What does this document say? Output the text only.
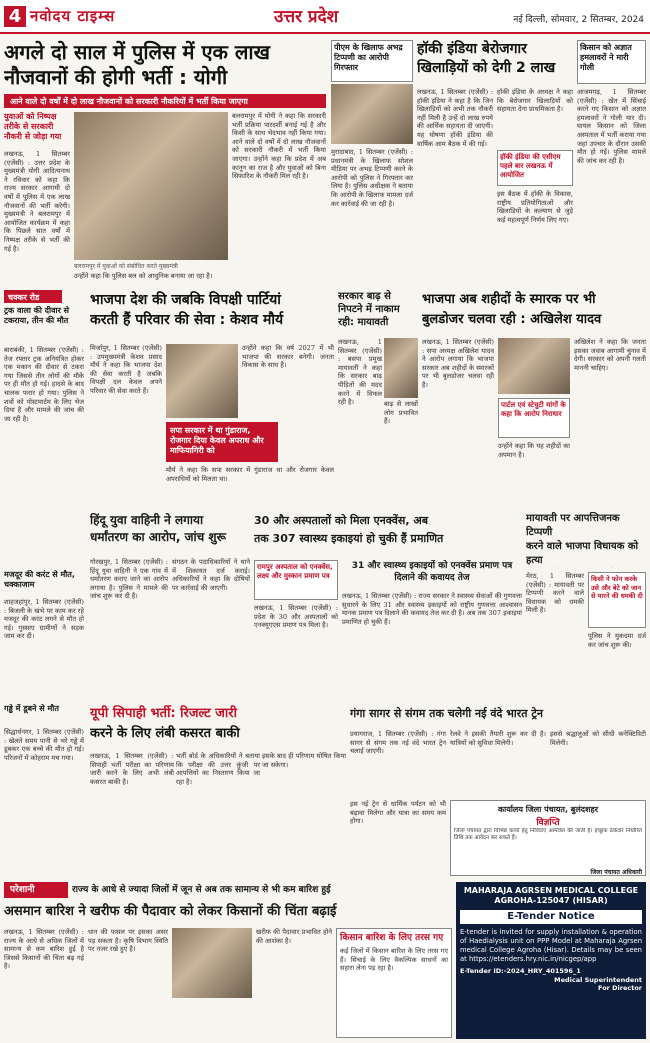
4 नवोदय टाइम्स	उत्तर प्रदेश	नई दिल्ली, सोमवार, 2 सितम्बर, 2024
अगले दो साल में पुलिस में एक लाख
नौजवानों की होगी भर्ती : योगी
आने वाले दो वर्षों में दो लाख नौजवानों को सरकारी नौकरियों में भर्ती किया जाएगा
युवाओं को निष्पक्ष तरीके से सरकारी नौकरी से जोड़ा गया
लखनऊ, 1 सितम्बर (एजेंसी) : उत्तर प्रदेश के मुख्यमंत्री योगी आदित्यनाथ ने रविवार को कहा कि राज्य सरकार आगामी दो वर्षों में पुलिस में एक लाख नौजवानों की भर्ती करेगी। मुख्यमंत्री ने बलरामपुर में आयोजित कार्यक्रम में कहा कि पिछले सात वर्षों में निष्पक्ष तरीके से भर्ती की गई है।
बलरामपुर में युवाओं को संबोधित करते मुख्यमंत्री
बलरामपुर में योगी ने कहा कि सरकारी भर्ती प्रक्रिया पारदर्शी बनाई गई है और किसी के साथ भेदभाव नहीं किया गया। आने वाले दो वर्षों में दो लाख नौजवानों को सरकारी नौकरी में भर्ती किया जाएगा। उन्होंने कहा कि प्रदेश में अब कानून का राज है और युवाओं को बिना सिफारिश के नौकरी मिल रही है।
उन्होंने कहा कि पुलिस बल को आधुनिक बनाया जा रहा है।
पीएम के खिलाफ अभद्र टिप्पणी का आरोपी गिरफ्तार
मुरादाबाद, 1 सितम्बर (एजेंसी) : प्रधानमंत्री के खिलाफ सोशल मीडिया पर अभद्र टिप्पणी करने के आरोपी को पुलिस ने गिरफ्तार कर लिया है। पुलिस अधीक्षक ने बताया कि आरोपी के खिलाफ मामला दर्ज कर कार्रवाई की जा रही है।
हॉकी इंडिया बेरोजगार
खिलाड़ियों को देगी 2 लाख
लखनऊ, 1 सितम्बर (एजेंसी) : हॉकी इंडिया ने कहा है कि जिन खिलाड़ियों को अभी तक नौकरी नहीं मिली है उन्हें दो लाख रुपये की आर्थिक सहायता दी जाएगी। यह घोषणा हॉकी इंडिया की वार्षिक आम बैठक में की गई।
हॉकी इंडिया की एसीएम पहले बार लखनऊ में आयोजित
हॉकी इंडिया के अध्यक्ष ने कहा कि बेरोजगार खिलाड़ियों को सहायता देना प्राथमिकता है।
इस बैठक में हॉकी के विकास, राष्ट्रीय प्रतियोगिताओं और खिलाड़ियों के कल्याण से जुड़े कई महत्वपूर्ण निर्णय लिए गए।
किसान को अज्ञात हमलावरों ने मारी गोली
आजमगढ़, 1 सितम्बर (एजेंसी) : खेत में सिंचाई करने गए किसान को अज्ञात हमलावरों ने गोली मार दी। घायल किसान को जिला अस्पताल में भर्ती कराया गया जहां उपचार के दौरान उसकी मौत हो गई। पुलिस मामले की जांच कर रही है।
चक्कर रोड
ट्रक वाला की दीवार से टकराया, तीन की मौत
बाराबंकी, 1 सितम्बर (एजेंसी) : तेज रफ्तार ट्रक अनियंत्रित होकर एक मकान की दीवार से टकरा गया जिससे तीन लोगों की मौके पर ही मौत हो गई। हादसे के बाद चालक फरार हो गया। पुलिस ने शवों को पोस्टमार्टम के लिए भेज दिया है और मामले की जांच की जा रही है।
भाजपा देश की जबकि विपक्षी पार्टियां
करती हैं परिवार की सेवा : केशव मौर्य
मिर्जापुर, 1 सितम्बर (एजेंसी) : उपमुख्यमंत्री केशव प्रसाद मौर्य ने कहा कि भाजपा देश की सेवा करती है जबकि विपक्षी दल केवल अपने परिवार की सेवा करते हैं।
सपा सरकार में था गुंडाराज, रोजगार दिया केवल अपराध और माफियागिरी को
उन्होंने कहा कि वर्ष 2027 में भी भाजपा की सरकार बनेगी। जनता विकास के साथ है।
मौर्य ने कहा कि सपा सरकार में गुंडाराज था और रोजगार केवल अपराधियों को मिलता था।
सरकार बाढ़ से निपटने में नाकाम रही: मायावती
लखनऊ, 1 सितम्बर (एजेंसी) : बसपा प्रमुख मायावती ने कहा कि सरकार बाढ़ पीड़ितों की मदद करने में विफल रही है।	बाढ़ से लाखों लोग प्रभावित हैं।
भाजपा अब शहीदों के स्मारक पर भी
बुलडोजर चलवा रही : अखिलेश यादव
लखनऊ, 1 सितम्बर (एजेंसी) : सपा अध्यक्ष अखिलेश यादव ने आरोप लगाया कि भाजपा सरकार अब शहीदों के स्मारकों पर भी बुलडोजर चलवा रही है।
पार्टल एवं स्टेचुटी मांगों के कहा कि आरोप निराधार
उन्होंने कहा कि यह शहीदों का अपमान है।
अखिलेश ने कहा कि जनता इसका जवाब आगामी चुनाव में देगी। सरकार को अपनी गलती माननी चाहिए।
हिंदू युवा वाहिनी ने लगाया
धर्मांतरण का आरोप, जांच शुरू
गोरखपुर, 1 सितम्बर (एजेंसी) : हिंदू युवा वाहिनी ने एक गांव में धर्मांतरण कराए जाने का आरोप लगाया है। पुलिस ने मामले की जांच शुरू कर दी है।
संगठन के पदाधिकारियों ने थाने में शिकायत दर्ज कराई। अधिकारियों ने कहा कि दोषियों पर कार्रवाई की जाएगी।
मजदूर की करंट से मौत, चक्काजाम
शाहजहांपुर, 1 सितम्बर (एजेंसी) : बिजली के खंभे पर काम कर रहे मजदूर की करंट लगने से मौत हो गई। गुस्साए ग्रामीणों ने सड़क जाम कर दी।
30 और अस्पतालों को मिला एनक्वेंस, अब
तक 307 स्वास्थ्य इकाइयां हो चुकी हैं प्रमाणित
रामपुर अस्पताल को एनक्वेंस, लक्ष्य और मुस्कान प्रमाण पत्र
लखनऊ, 1 सितम्बर (एजेंसी) : प्रदेश के 30 और अस्पतालों को एनक्यूएएस प्रमाण पत्र मिला है।
31 और स्वास्थ्य इकाइयों को एनक्वेंस प्रमाण पत्र दिलाने की कवायद तेज
लखनऊ, 1 सितम्बर (एजेंसी) : राज्य सरकार ने स्वास्थ्य सेवाओं की गुणवत्ता सुधारने के लिए 31 और स्वास्थ्य इकाइयों को राष्ट्रीय गुणवत्ता आश्वासन मानक प्रमाण पत्र दिलाने की कवायद तेज कर दी है। अब तक 307 इकाइयां प्रमाणित हो चुकी हैं।
मायावती पर आपत्तिजनक टिप्पणी
करने वाले भाजपा विधायक को हत्या
मेरठ, 1 सितम्बर (एजेंसी) : मायावती पर टिप्पणी करने वाले विधायक को धमकी मिली है।
किसी ने फोन करके उसे और बेटे को जान से मारने की धमकी दी
पुलिस ने मुकदमा दर्ज कर जांच शुरू की।
यूपी सिपाही भर्ती: रिजल्ट जारी
करने के लिए लंबी कसरत बाकी
लखनऊ, 1 सितम्बर (एजेंसी) : सिपाही भर्ती परीक्षा का परिणाम जारी करने के लिए अभी लंबी कसरत बाकी है।
भर्ती बोर्ड के अधिकारियों ने बताया कि परीक्षा की उत्तर कुंजी पर आपत्तियों का निस्तारण किया जा रहा है।
इसके बाद ही परिणाम घोषित किया जा सकेगा।
गड्ढे में डूबने से मौत
सिद्धार्थनगर, 1 सितम्बर (एजेंसी) : खेलते समय पानी से भरे गड्ढे में डूबकर एक बच्चे की मौत हो गई। परिजनों में कोहराम मच गया।
गंगा सागर से संगम तक चलेगी नई वंदे भारत ट्रेन
प्रयागराज, 1 सितम्बर (एजेंसी) : गंगा सागर से संगम तक नई वंदे भारत ट्रेन चलाई जाएगी।
रेलवे ने इसकी तैयारी शुरू कर दी है। यात्रियों को सुविधा मिलेगी।
इससे श्रद्धालुओं को सीधी कनेक्टिविटी मिलेगी।
कार्यालय जिला पंचायत, बुलंदशहर
विज्ञप्ति
जिला पंचायत द्वारा विभिन्न कार्यों हेतु निविदाएं आमंत्रित की जाती हैं। इच्छुक ठेकेदार निर्धारित तिथि तक आवेदन कर सकते हैं।
जिला पंचायत अधिकारी
इस नई ट्रेन से धार्मिक पर्यटन को भी बढ़ावा मिलेगा और यात्रा का समय कम होगा।
परेशानी	राज्य के आधे से ज्यादा जिलों में जून से अब तक सामान्य से भी कम बारिश हुई
असमान बारिश ने खरीफ की पैदावार को लेकर किसानों की चिंता बढ़ाई
लखनऊ, 1 सितम्बर (एजेंसी) : राज्य के आधे से अधिक जिलों में सामान्य से कम बारिश हुई है जिससे किसानों की चिंता बढ़ गई है।
धान की फसल पर इसका असर पड़ सकता है। कृषि विभाग स्थिति पर नजर रखे हुए है।
खरीफ की पैदावार प्रभावित होने की आशंका है।	किसान बारिश के लिए तरस गए
कई जिलों में किसान बारिश के लिए तरस गए हैं। सिंचाई के लिए वैकल्पिक साधनों का सहारा लेना पड़ रहा है।
MAHARAJA AGRSEN MEDICAL COLLEGE AGROHA-125047 (HISAR)
E-Tender Notice
E-tender is invited for supply installation & operation of Haedialysis unit on PPP Model at Maharaja Agrsen medical College Agroha (Hisar). Details may be seen at https://etenders.hry.nic.in/nicgep/app
E-Tender ID:-2024_HRY_401596_1
Medical Superintendent
For Director
